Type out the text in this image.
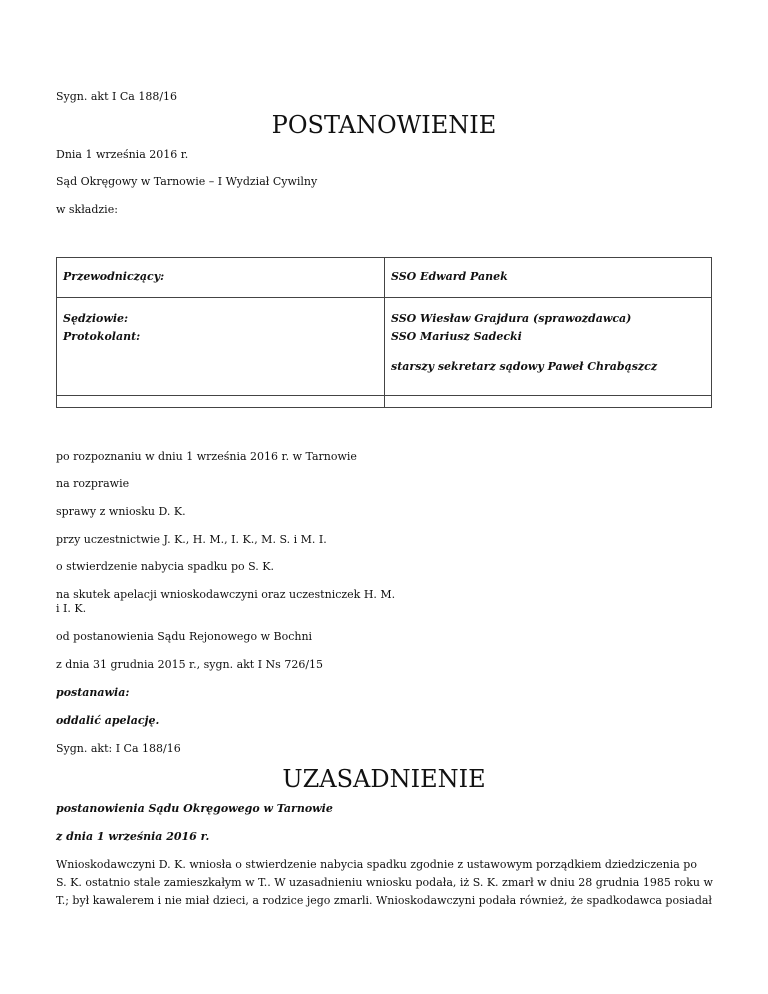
Sygn. akt I Ca 188/16

POSTANOWIENIE

Dnia 1 września 2016 r.

Sąd Okręgowy w Tarnowie – I Wydział Cywilny

w składzie:

Przewodniczący:	SSO Edward Panek
Sędziowie:	SSO Wiesław Grajdura (sprawozdawca)
Protokolant:	SSO Mariusz Sadecki
	starszy sekretarz sądowy Paweł Chrabąszcz

po rozpoznaniu w dniu 1 września 2016 r. w Tarnowie

na rozprawie

sprawy z wniosku D. K.

przy uczestnictwie J. K., H. M., I. K., M. S. i M. I.

o stwierdzenie nabycia spadku po S. K.

na skutek apelacji wnioskodawczyni oraz uczestniczek H. M.

i I. K.

od postanowienia Sądu Rejonowego w Bochni

z dnia 31 grudnia 2015 r., sygn. akt I Ns 726/15

postanawia:

oddalić apelację.

Sygn. akt: I Ca 188/16

UZASADNIENIE

postanowienia Sądu Okręgowego w Tarnowie

z dnia 1 września 2016 r.

Wnioskodawczyni D. K. wniosła o stwierdzenie nabycia spadku zgodnie z ustawowym porządkiem dziedziczenia po

S. K. ostatnio stale zamieszkałym w T.. W uzasadnieniu wniosku podała, iż S. K. zmarł w dniu 28 grudnia 1985 roku w

T.; był kawalerem i nie miał dzieci, a rodzice jego zmarli. Wnioskodawczyni podała również, że spadkodawca posiadał
